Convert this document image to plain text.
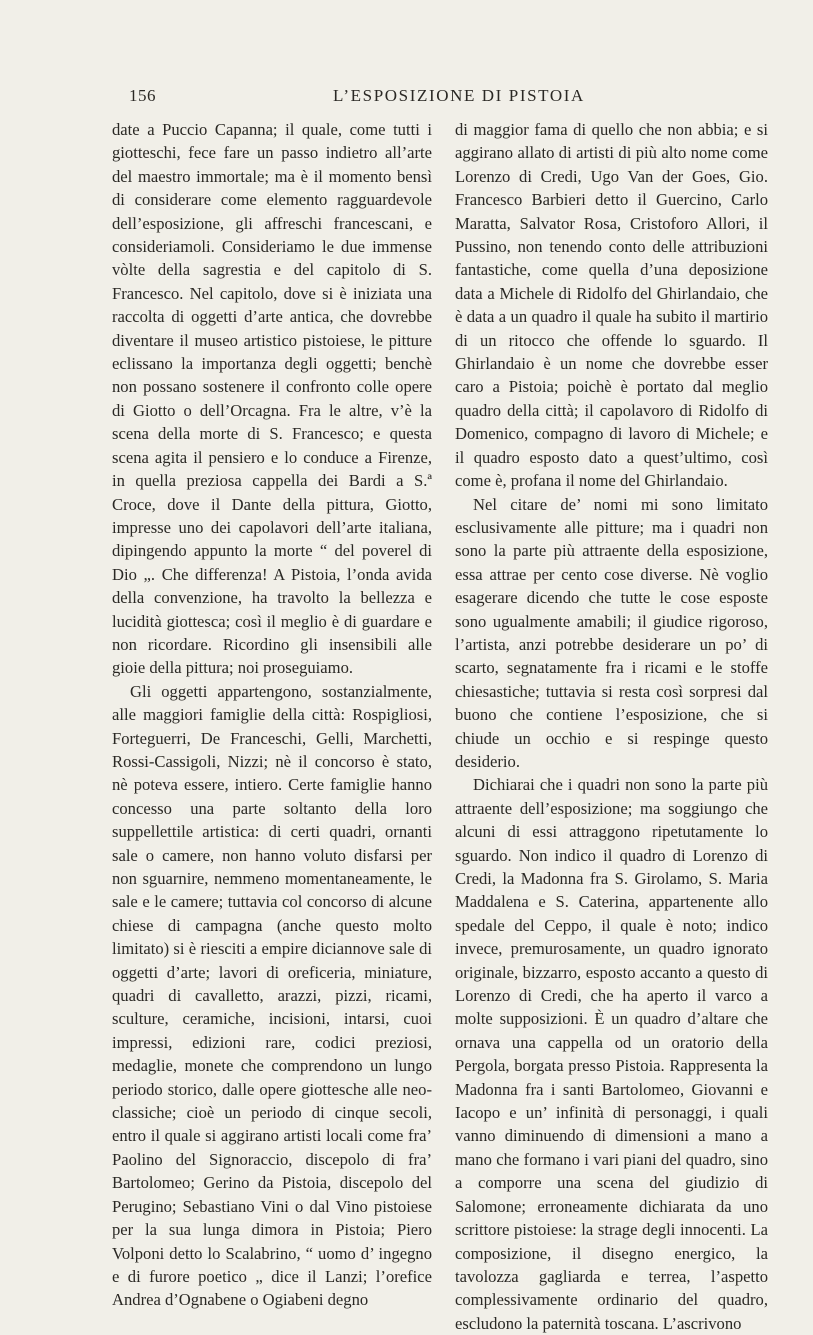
156	L’ESPOSIZIONE DI PISTOIA

date a Puccio Capanna; il quale, come tutti i giotteschi, fece fare un passo indietro all’arte del maestro immortale; ma è il momento bensì di considerare come elemento ragguardevole dell’esposizione, gli affreschi francescani, e consideriamoli. Consideriamo le due immense vòlte della sagrestia e del capitolo di S. Francesco. Nel capitolo, dove si è iniziata una raccolta di oggetti d’arte antica, che dovrebbe diventare il museo artistico pistoiese, le pitture eclissano la importanza degli oggetti; benchè non possano sostenere il confronto colle opere di Giotto o dell’Orcagna. Fra le altre, v’è la scena della morte di S. Francesco; e questa scena agita il pensiero e lo conduce a Firenze, in quella preziosa cappella dei Bardi a S.ª Croce, dove il Dante della pittura, Giotto, impresse uno dei capolavori dell’arte italiana, dipingendo appunto la morte “ del poverel di Dio „. Che differenza! A Pistoia, l’onda avida della convenzione, ha travolto la bellezza e lucidità giottesca; così il meglio è di guardare e non ricordare. Ricordino gli insensibili alle gioie della pittura; noi proseguiamo.

Gli oggetti appartengono, sostanzialmente, alle maggiori famiglie della città: Rospigliosi, Forteguerri, De Franceschi, Gelli, Marchetti, Rossi-Cassigoli, Nizzi; nè il concorso è stato, nè poteva essere, intiero. Certe famiglie hanno concesso una parte soltanto della loro suppellettile artistica: di certi quadri, ornanti sale o camere, non hanno voluto disfarsi per non sguarnire, nemmeno momentaneamente, le sale e le camere; tuttavia col concorso di alcune chiese di campagna (anche questo molto limitato) si è riesciti a empire diciannove sale di oggetti d’arte; lavori di oreficeria, miniature, quadri di cavalletto, arazzi, pizzi, ricami, sculture, ceramiche, incisioni, intarsi, cuoi impressi, edizioni rare, codici preziosi, medaglie, monete che comprendono un lungo periodo storico, dalle opere giottesche alle neo-classiche; cioè un periodo di cinque secoli, entro il quale si aggirano artisti locali come fra’ Paolino del Signoraccio, discepolo di fra’ Bartolomeo; Gerino da Pistoia, discepolo del Perugino; Sebastiano Vini o dal Vino pistoiese per la sua lunga dimora in Pistoia; Piero Volponi detto lo Scalabrino, “ uomo d’ ingegno e di furore poetico „ dice il Lanzi; l’orefice Andrea d’Ognabene o Ogiabeni degno

di maggior fama di quello che non abbia; e si aggirano allato di artisti di più alto nome come Lorenzo di Credi, Ugo Van der Goes, Gio. Francesco Barbieri detto il Guercino, Carlo Maratta, Salvator Rosa, Cristoforo Allori, il Pussino, non tenendo conto delle attribuzioni fantastiche, come quella d’una deposizione data a Michele di Ridolfo del Ghirlandaio, che è data a un quadro il quale ha subito il martirio di un ritocco che offende lo sguardo. Il Ghirlandaio è un nome che dovrebbe esser caro a Pistoia; poichè è portato dal meglio quadro della città; il capolavoro di Ridolfo di Domenico, compagno di lavoro di Michele; e il quadro esposto dato a quest’ultimo, così come è, profana il nome del Ghirlandaio.

Nel citare de’ nomi mi sono limitato esclusivamente alle pitture; ma i quadri non sono la parte più attraente della esposizione, essa attrae per cento cose diverse. Nè voglio esagerare dicendo che tutte le cose esposte sono ugualmente amabili; il giudice rigoroso, l’artista, anzi potrebbe desiderare un po’ di scarto, segnatamente fra i ricami e le stoffe chiesastiche; tuttavia si resta così sorpresi dal buono che contiene l’esposizione, che si chiude un occhio e si respinge questo desiderio.

Dichiarai che i quadri non sono la parte più attraente dell’esposizione; ma soggiungo che alcuni di essi attraggono ripetutamente lo sguardo. Non indico il quadro di Lorenzo di Credi, la Madonna fra S. Girolamo, S. Maria Maddalena e S. Caterina, appartenente allo spedale del Ceppo, il quale è noto; indico invece, premurosamente, un quadro ignorato originale, bizzarro, esposto accanto a questo di Lorenzo di Credi, che ha aperto il varco a molte supposizioni. È un quadro d’altare che ornava una cappella od un oratorio della Pergola, borgata presso Pistoia. Rappresenta la Madonna fra i santi Bartolomeo, Giovanni e Iacopo e un’ infinità di personaggi, i quali vanno diminuendo di dimensioni a mano a mano che formano i vari piani del quadro, sino a comporre una scena del giudizio di Salomone; erroneamente dichiarata da uno scrittore pistoiese: la strage degli innocenti. La composizione, il disegno energico, la tavolozza gagliarda e terrea, l’aspetto complessivamente ordinario del quadro, escludono la paternità toscana. L’ascrivono
